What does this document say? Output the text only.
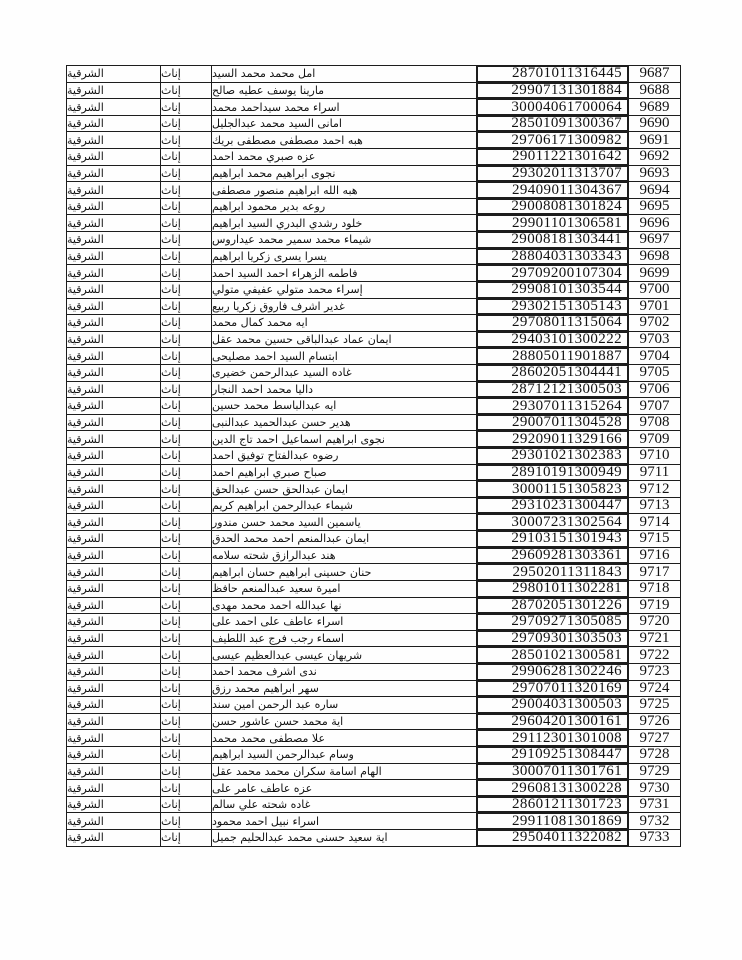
الشرقية	إناث	امل محمد محمد السيد	28701011316445	9687
الشرقية	إناث	مارينا يوسف عطيه صالح	29907131301884	9688
الشرقية	إناث	اسراء محمد سيداحمد محمد	30004061700064	9689
الشرقية	إناث	امانى السيد محمد عبدالجليل	28501091300367	9690
الشرقية	إناث	هبه احمد مصطفى مصطفى بريك	29706171300982	9691
الشرقية	إناث	عزه صبري محمد احمد	29011221301642	9692
الشرقية	إناث	نجوى ابراهيم محمد ابراهيم	29302011313707	9693
الشرقية	إناث	هبه الله ابراهيم منصور مصطفى	29409011304367	9694
الشرقية	إناث	روعه بدير محمود ابراهيم	29008081301824	9695
الشرقية	إناث	خلود رشدي البدري السيد ابراهيم	29901101306581	9696
الشرقية	إناث	شيماء محمد سمير محمد عيداروس	29008181303441	9697
الشرقية	إناث	يسرا يسرى زكريا ابراهيم	28804031303343	9698
الشرقية	إناث	فاطمه الزهراء احمد السيد احمد	29709200107304	9699
الشرقية	إناث	إسراء محمد متولي عفيفي متولي	29908101303544	9700
الشرقية	إناث	غدير اشرف فاروق زكريا ربيع	29302151305143	9701
الشرقية	إناث	ايه محمد كمال محمد	29708011315064	9702
الشرقية	إناث	ايمان عماد عبدالباقى حسين محمد عقل	29403101300222	9703
الشرقية	إناث	ابتسام السيد احمد مصليحى	28805011901887	9704
الشرقية	إناث	غاده السيد عبدالرحمن خضيرى	28602051304441	9705
الشرقية	إناث	داليا محمد احمد النجار	28712121300503	9706
الشرقية	إناث	ايه عبدالباسط محمد حسين	29307011315264	9707
الشرقية	إناث	هدير حسن عبدالحميد عبدالنبى	29007011304528	9708
الشرقية	إناث	نجوى ابراهيم اسماعيل احمد تاج الدين	29209011329166	9709
الشرقية	إناث	رضوه عبدالفتاح توفيق احمد	29301021302383	9710
الشرقية	إناث	صباح صبري ابراهيم احمد	28910191300949	9711
الشرقية	إناث	ايمان عبدالحق حسن عبدالحق	30001151305823	9712
الشرقية	إناث	شيماء عبدالرحمن ابراهيم كريم	29310231300447	9713
الشرقية	إناث	ياسمين السيد محمد حسن مندور	30007231302564	9714
الشرقية	إناث	ايمان عبدالمنعم احمد محمد الحدق	29103151301943	9715
الشرقية	إناث	هند عبدالرازق شحته سلامه	29609281303361	9716
الشرقية	إناث	حنان حسينى ابراهيم حسان ابراهيم	29502011311843	9717
الشرقية	إناث	اميرة سعيد عبدالمنعم حافظ	29801011302281	9718
الشرقية	إناث	نها عبدالله احمد محمد مهدى	28702051301226	9719
الشرقية	إناث	اسراء عاطف على احمد على	29709271305085	9720
الشرقية	إناث	اسماء رجب فرج عبد اللطيف	29709301303503	9721
الشرقية	إناث	شريهان عيسى عبدالعظيم عيسى	28501021300581	9722
الشرقية	إناث	ندى اشرف محمد احمد	29906281302246	9723
الشرقية	إناث	سهر ابراهيم محمد رزق	29707011320169	9724
الشرقية	إناث	ساره عبد الرحمن امين سند	29004031300503	9725
الشرقية	إناث	اية محمد حسن عاشور حسن	29604201300161	9726
الشرقية	إناث	علا مصطفى محمد محمد	29112301301008	9727
الشرقية	إناث	وسام عبدالرحمن السيد ابراهيم	29109251308447	9728
الشرقية	إناث	الهام اسامة سكران محمد محمد عقل	30007011301761	9729
الشرقية	إناث	عزه عاطف عامر على	29608131300228	9730
الشرقية	إناث	غاده شحته علي سالم	28601211301723	9731
الشرقية	إناث	اسراء نبيل احمد محمود	29911081301869	9732
الشرقية	إناث	اية سعيد حسنى محمد عبدالحليم جميل	29504011322082	9733
